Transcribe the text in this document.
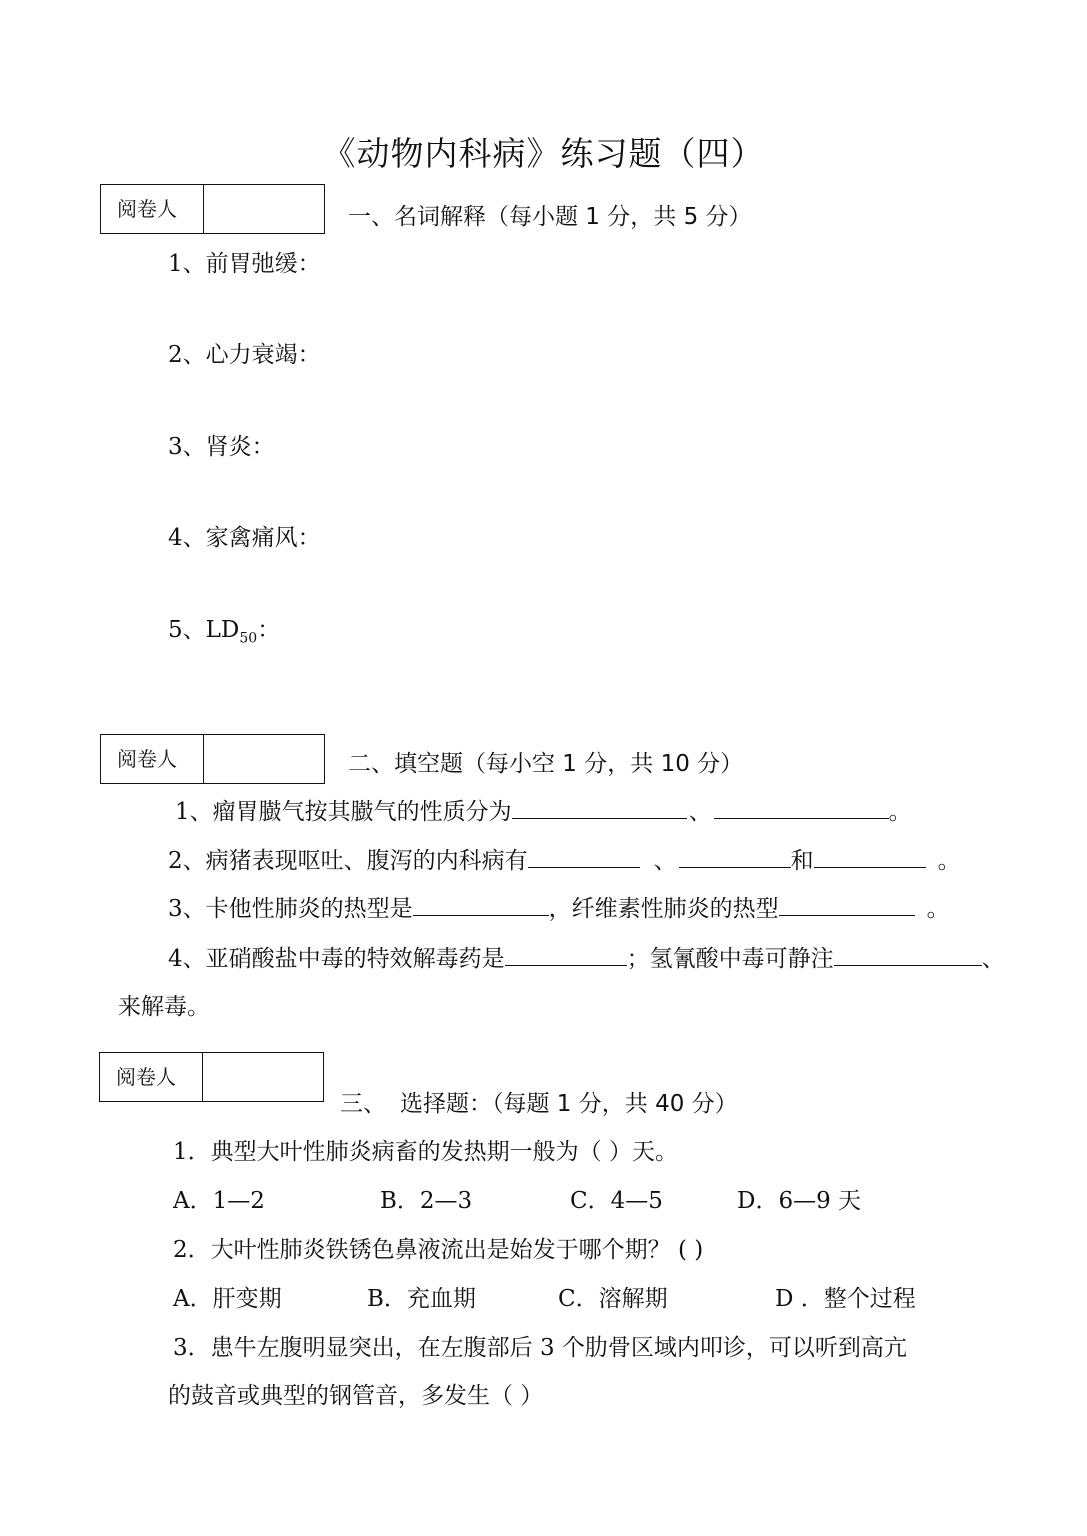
《动物内科病》练习题（四）
阅卷人	一、名词解释（每小题 1 分，共 5 分）
1、前胃弛缓：
2、心力衰竭：
3、肾炎：
4、家禽痛风：
5、$LD_{50}$：
阅卷人	二、填空题（每小空 1 分，共 10 分）
1、瘤胃臌气按其臌气的性质分为	、	。
2、病猪表现呕吐、腹泻的内科病有	、	和	。
3、卡他性肺炎的热型是	，纤维素性肺炎的热型	。
4、亚硝酸盐中毒的特效解毒药是	；氢氰酸中毒可静注	、
来解毒。
阅卷人
三、 选择题：（每题 1 分，共 40 分）
1．典型大叶性肺炎病畜的发热期一般为（ ）天。
A．1—2	B．2—3	C．4—5	D．6—9 天
2．大叶性肺炎铁锈色鼻液流出是始发于哪个期？ ( )
A．肝变期	B．充血期	C．溶解期	D ．整个过程
3．患牛左腹明显突出，在左腹部后 3 个肋骨区域内叩诊，可以听到高亢
的鼓音或典型的钢管音，多发生（ ）
